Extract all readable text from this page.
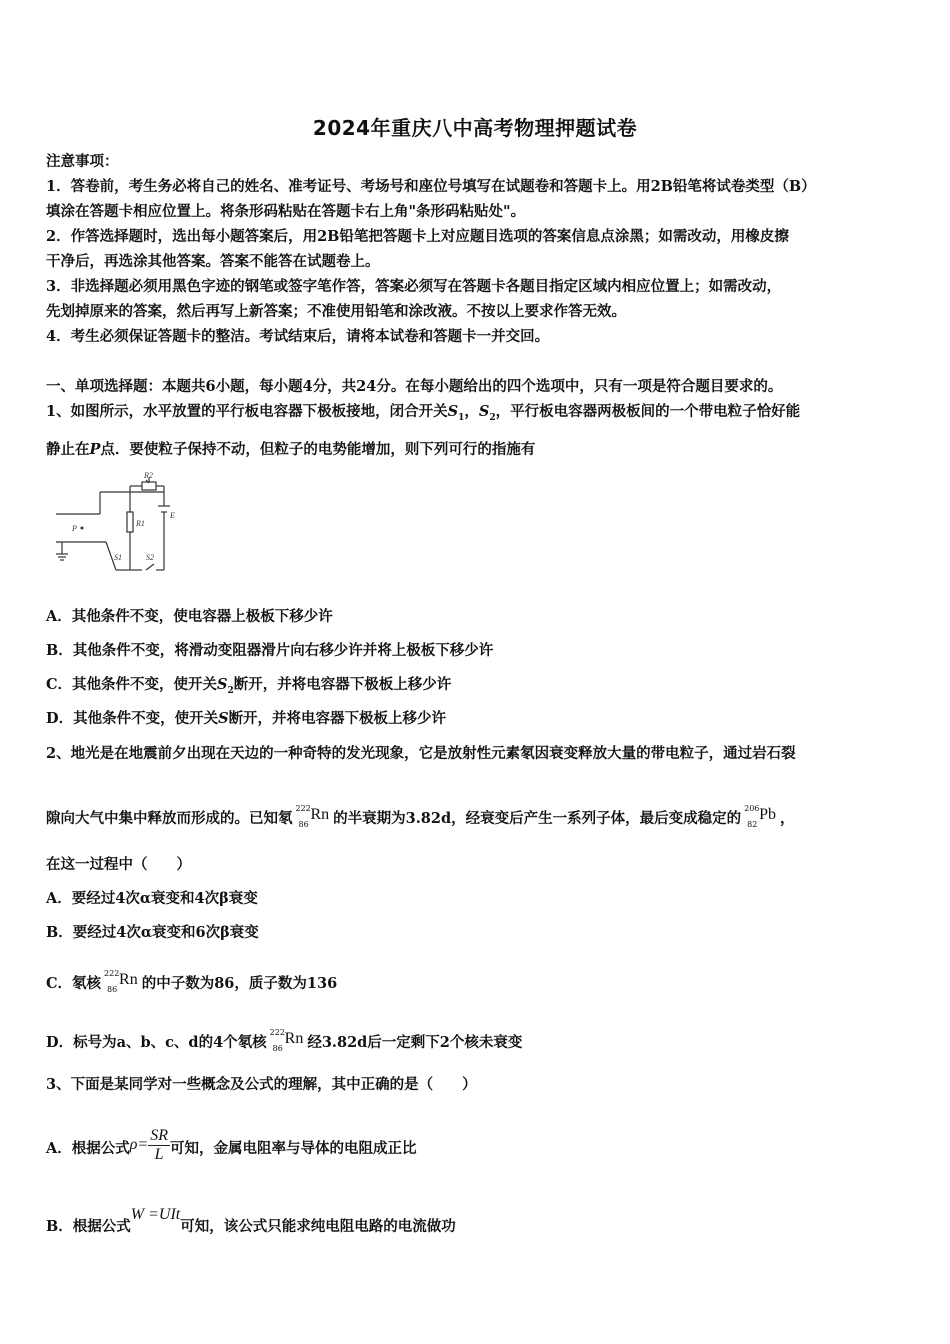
2024年重庆八中高考物理押题试卷
注意事项：
1．答卷前，考生务必将自己的姓名、准考证号、考场号和座位号填写在试题卷和答题卡上。用2B铅笔将试卷类型（B）
填涂在答题卡相应位置上。将条形码粘贴在答题卡右上角"条形码粘贴处"。
2．作答选择题时，选出每小题答案后，用2B铅笔把答题卡上对应题目选项的答案信息点涂黑；如需改动，用橡皮擦
干净后，再选涂其他答案。答案不能答在试题卷上。
3．非选择题必须用黑色字迹的钢笔或签字笔作答，答案必须写在答题卡各题目指定区域内相应位置上；如需改动，
先划掉原来的答案，然后再写上新答案；不准使用铅笔和涂改液。不按以上要求作答无效。
4．考生必须保证答题卡的整洁。考试结束后，请将本试卷和答题卡一并交回。
一、单项选择题：本题共6小题，每小题4分，共24分。在每小题给出的四个选项中，只有一项是符合题目要求的。
1、如图所示，水平放置的平行板电容器下极板接地，闭合开关$S_1$，$S_2$，平行板电容器两极板间的一个带电粒子恰好能
静止在P点．要使粒子保持不动，但粒子的电势能增加，则下列可行的指施有
P
R2
R1
E
S1	S2
A．其他条件不变，使电容器上极板下移少许
B．其他条件不变，将滑动变阻器滑片向右移少许并将上极板下移少许
C．其他条件不变，使开关$S_2$断开，并将电容器下极板上移少许
D．其他条件不变，使开关S断开，并将电容器下极板上移少许
2、地光是在地震前夕出现在天边的一种奇特的发光现象，它是放射性元素氡因衰变释放大量的带电粒子，通过岩石裂
隙向大气中集中释放而形成的。已知氡
222
86
Rn 的半衰期为3.82d，经衰变后产生一系列子体，最后变成稳定的
206
82
Pb ，
在这一过程中（　　）
A．要经过4次α衰变和4次β衰变
B．要经过4次α衰变和6次β衰变
C．氡核
222
86
Rn 的中子数为86，质子数为136
D．标号为a、b、c、d的4个氡核
222
86
Rn 经3.82d后一定剩下2个核未衰变
3、下面是某同学对一些概念及公式的理解，其中正确的是（　　）
A．根据公式$\rho= \frac{SR}{L}$ 可知，金属电阻率与导体的电阻成正比
B．根据公式W =UIt可知，该公式只能求纯电阻电路的电流做功
